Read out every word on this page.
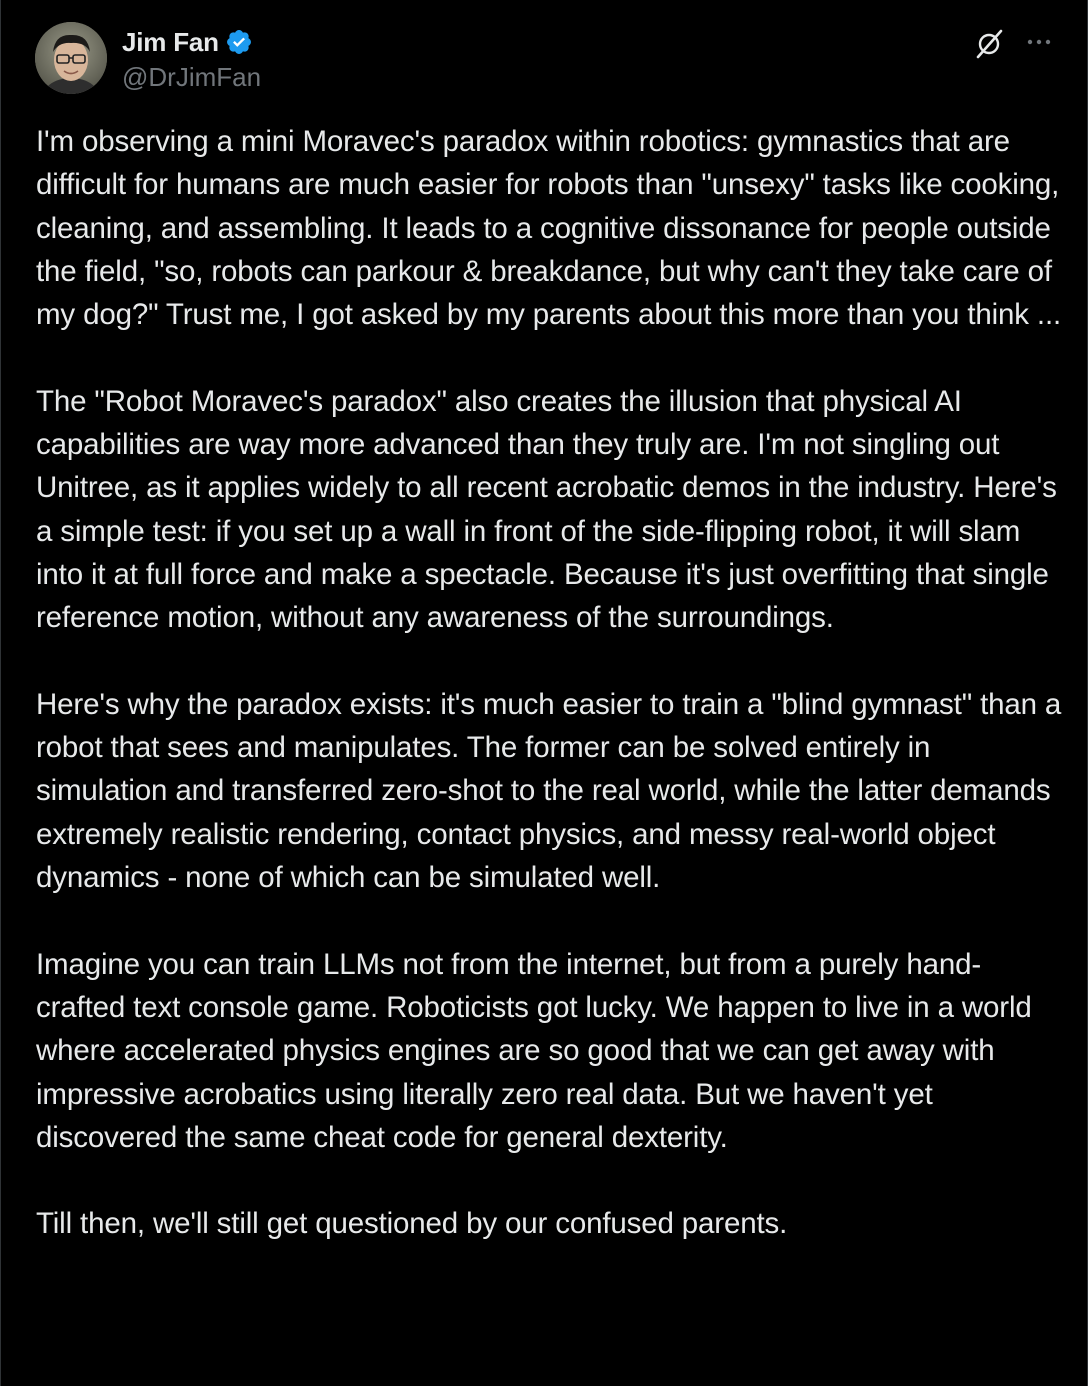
Jim Fan
@DrJimFan

I'm observing a mini Moravec's paradox within robotics: gymnastics that are difficult for humans are much easier for robots than "unsexy" tasks like cooking, cleaning, and assembling. It leads to a cognitive dissonance for people outside the field, "so, robots can parkour & breakdance, but why can't they take care of my dog?" Trust me, I got asked by my parents about this more than you think ...

The "Robot Moravec's paradox" also creates the illusion that physical AI capabilities are way more advanced than they truly are. I'm not singling out Unitree, as it applies widely to all recent acrobatic demos in the industry. Here's a simple test: if you set up a wall in front of the side-flipping robot, it will slam into it at full force and make a spectacle. Because it's just overfitting that single reference motion, without any awareness of the surroundings.

Here's why the paradox exists: it's much easier to train a "blind gymnast" than a robot that sees and manipulates. The former can be solved entirely in simulation and transferred zero-shot to the real world, while the latter demands extremely realistic rendering, contact physics, and messy real-world object dynamics - none of which can be simulated well.

Imagine you can train LLMs not from the internet, but from a purely hand-crafted text console game. Roboticists got lucky. We happen to live in a world where accelerated physics engines are so good that we can get away with impressive acrobatics using literally zero real data. But we haven't yet discovered the same cheat code for general dexterity.

Till then, we'll still get questioned by our confused parents.
